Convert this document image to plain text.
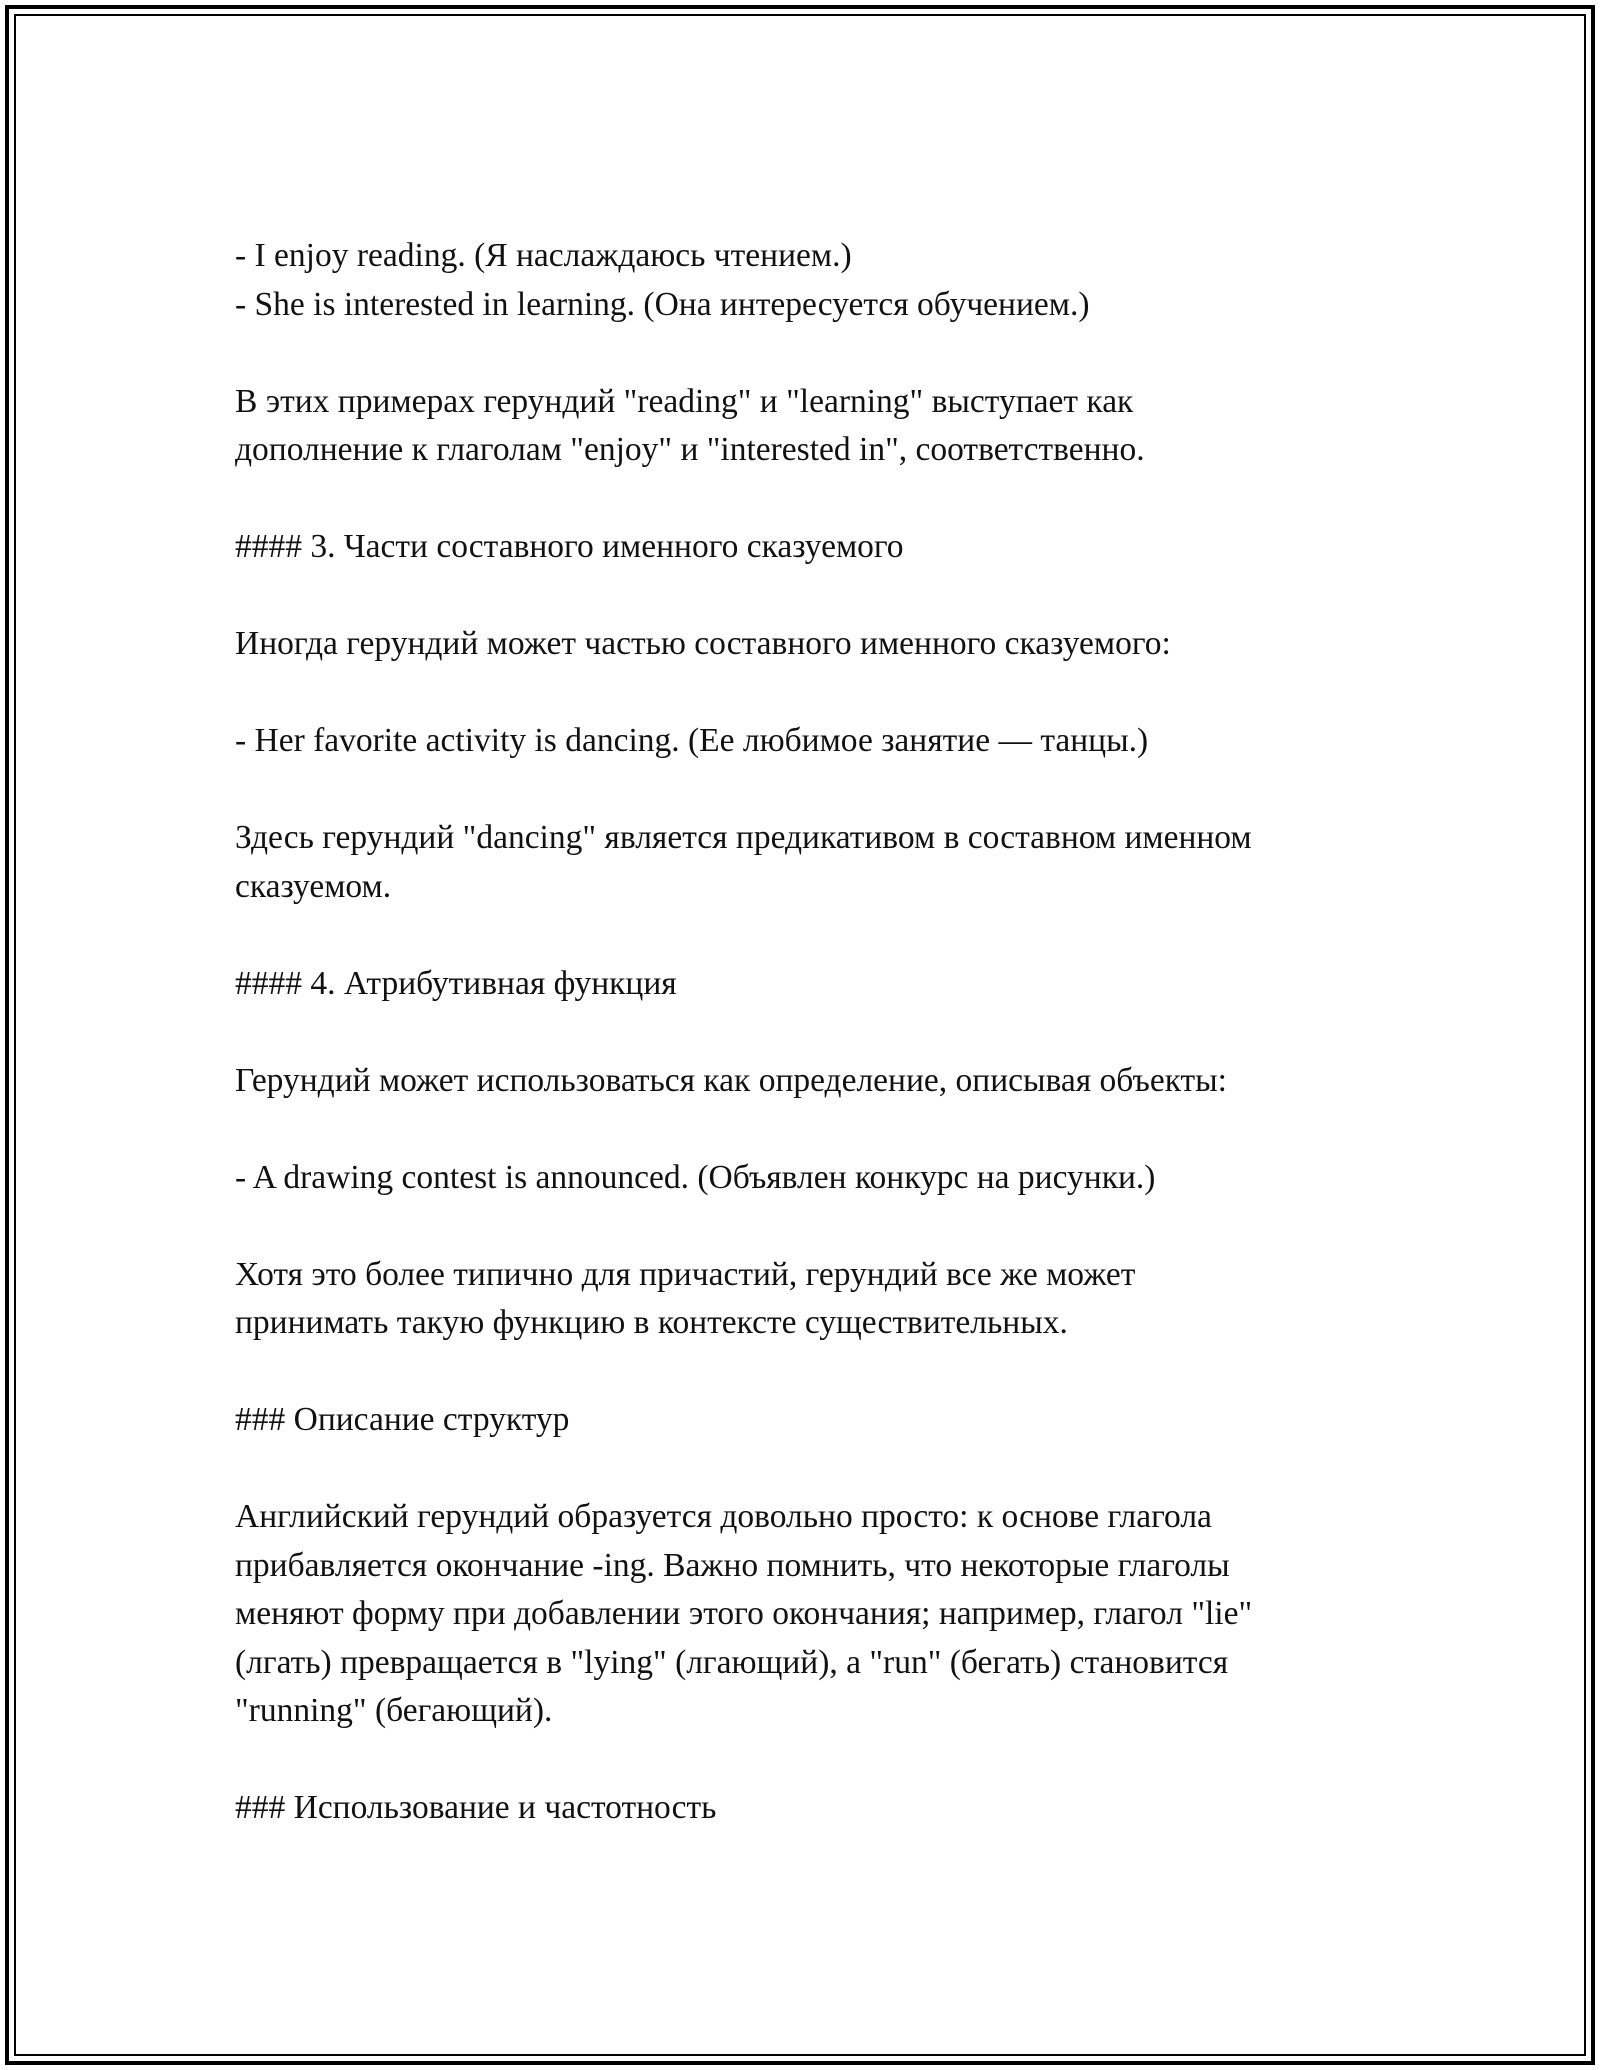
- I enjoy reading. (Я наслаждаюсь чтением.)
- She is interested in learning. (Она интересуется обучением.)
В этих примерах герундий "reading" и "learning" выступает как
дополнение к глаголам "enjoy" и "interested in", соответственно.
#### 3. Части составного именного сказуемого
Иногда герундий может частью составного именного сказуемого:
- Her favorite activity is dancing. (Ее любимое занятие — танцы.)
Здесь герундий "dancing" является предикативом в составном именном
сказуемом.
#### 4. Атрибутивная функция
Герундий может использоваться как определение, описывая объекты:
- A drawing contest is announced. (Объявлен конкурс на рисунки.)
Хотя это более типично для причастий, герундий все же может
принимать такую функцию в контексте существительных.
### Описание структур
Английский герундий образуется довольно просто: к основе глагола
прибавляется окончание -ing. Важно помнить, что некоторые глаголы
меняют форму при добавлении этого окончания; например, глагол "lie"
(лгать) превращается в "lying" (лгающий), а "run" (бегать) становится
"running" (бегающий).
### Использование и частотность
